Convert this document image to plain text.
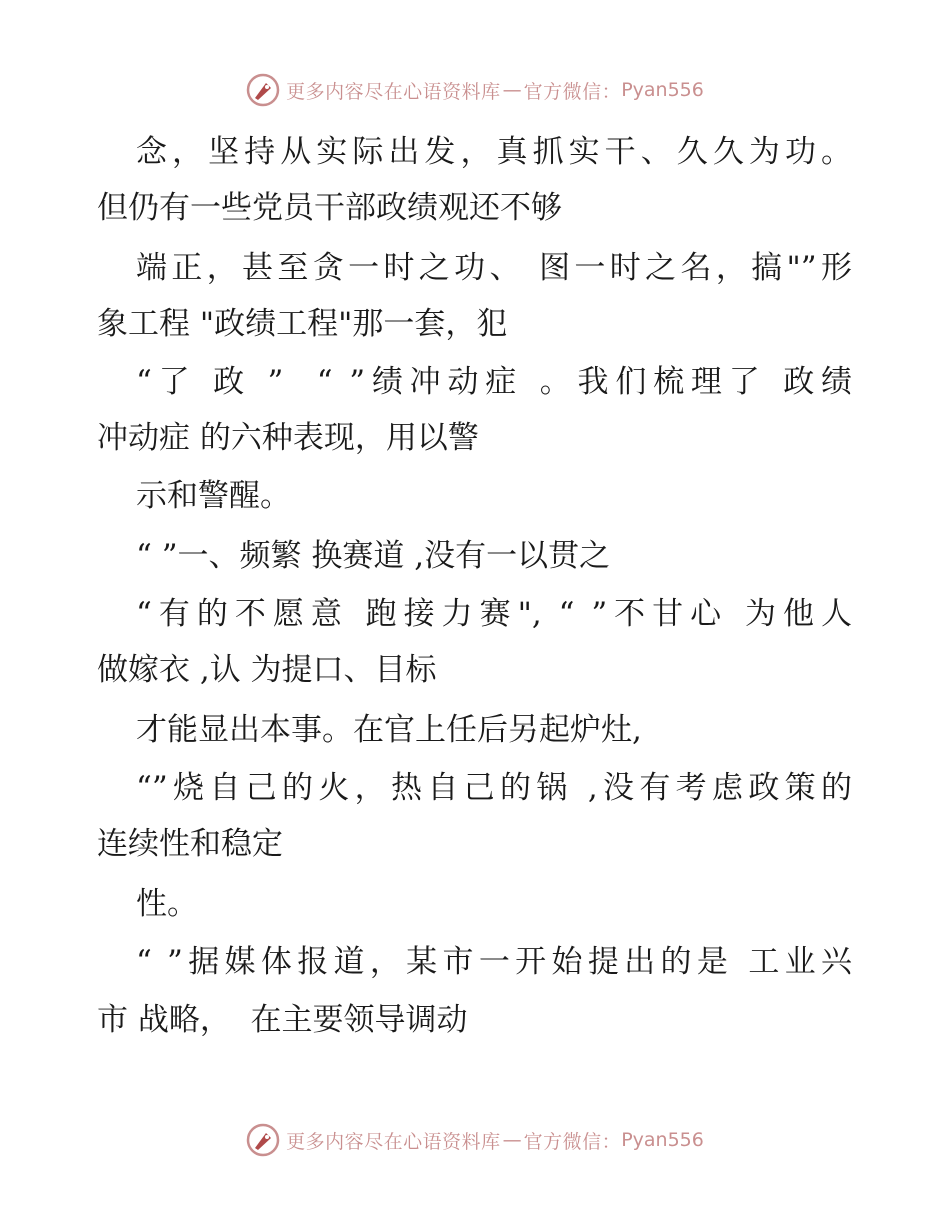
更多内容尽在心语资料库 — 官方微信： Pyan556
念，坚持从实际出发，真抓实干、久久为功。
但仍有一些党员干部政绩观还不够
端正，甚至贪一时之功、 图一时之名，搞"”形
象工程 "政绩工程"那一套，犯
“了 政 ”  “ ”绩冲动症 。我们梳理了 政绩
冲动症 的六种表现，用以警
示和警醒。
“ ”一、频繁 换赛道 ,没有一以贯之
“有的不愿意 跑接力赛", “ ”不甘心 为他人
做嫁衣 ,认 为提口、目标
才能显出本事。在官上任后另起炉灶,
“”烧自己的火，热自己的锅 ,没有考虑政策的
连续性和稳定
性。
“ ”据媒体报道，某市一开始提出的是 工业兴
市 战略，  在主要领导调动
更多内容尽在心语资料库 — 官方微信： Pyan556
